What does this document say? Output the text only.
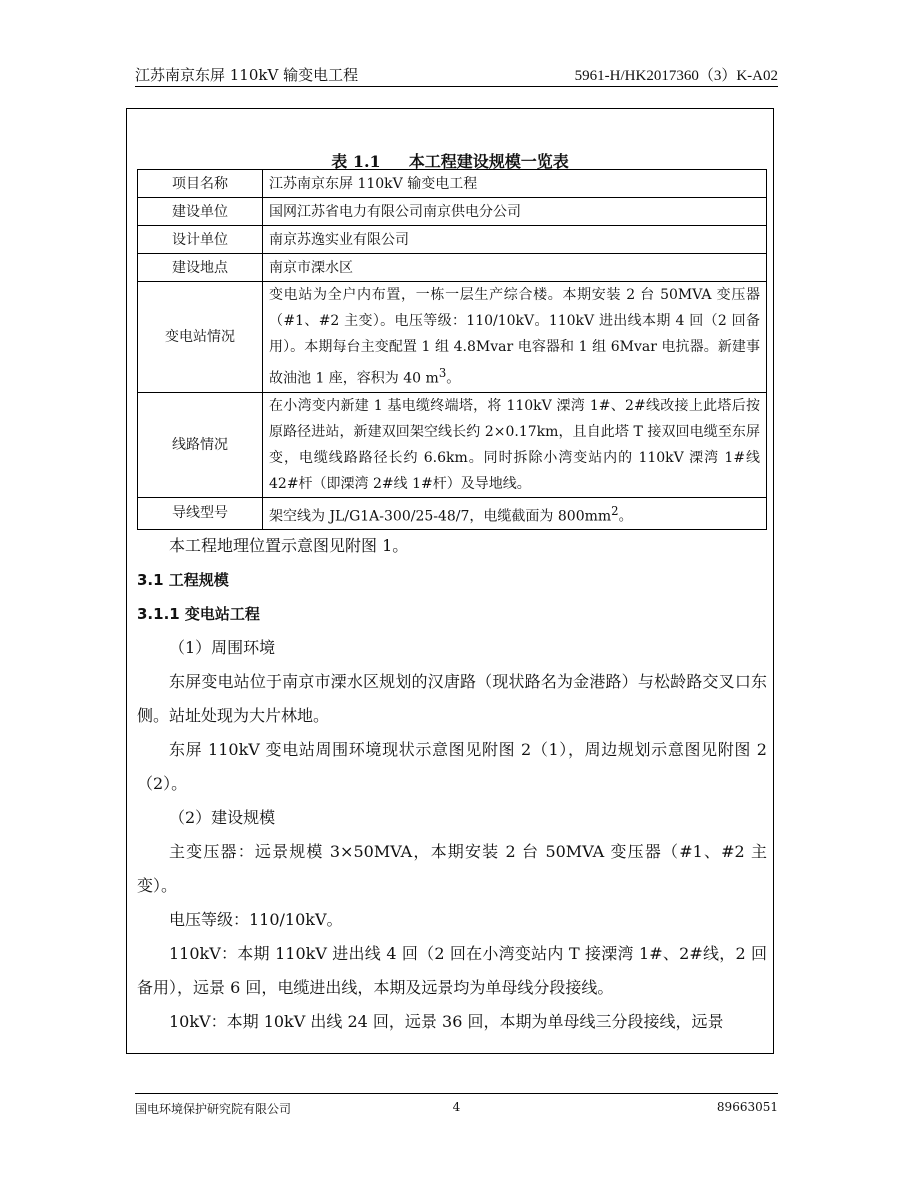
江苏南京东屏 110kV 输变电工程	5961-H/HK2017360（3）K-A02
表 1.1 本工程建设规模一览表
项目名称	江苏南京东屏 110kV 输变电工程
建设单位	国网江苏省电力有限公司南京供电分公司
设计单位	南京苏逸实业有限公司
建设地点	南京市溧水区
变电站情况	变电站为全户内布置，一栋一层生产综合楼。本期安装 2 台 50MVA 变压器（#1、#2 主变）。电压等级：110/10kV。110kV 进出线本期 4 回（2 回备用）。本期每台主变配置 1 组 4.8Mvar 电容器和 1 组 6Mvar 电抗器。新建事故油池 1 座，容积为 40 $m^3$。
线路情况	在小湾变内新建 1 基电缆终端塔，将 110kV 溧湾 1#、2#线改接上此塔后按原路径进站，新建双回架空线长约 2×0.17km，且自此塔 T 接双回电缆至东屏变，电缆线路路径长约 6.6km。同时拆除小湾变站内的 110kV 溧湾 1#线 42#杆（即溧湾 2#线 1#杆）及导地线。
导线型号	架空线为 JL/G1A-300/25-48/7，电缆截面为 $800mm^2$。
本工程地理位置示意图见附图 1。
3.1 工程规模
3.1.1 变电站工程
（1）周围环境
东屏变电站位于南京市溧水区规划的汉唐路（现状路名为金港路）与松龄路交叉口东侧。站址处现为大片林地。
东屏 110kV 变电站周围环境现状示意图见附图 2（1），周边规划示意图见附图 2（2）。
（2）建设规模
主变压器：远景规模 3×50MVA，本期安装 2 台 50MVA 变压器（#1、#2 主变）。
电压等级：110/10kV。
110kV：本期 110kV 进出线 4 回（2 回在小湾变站内 T 接溧湾 1#、2#线，2 回备用），远景 6 回，电缆进出线，本期及远景均为单母线分段接线。
10kV：本期 10kV 出线 24 回，远景 36 回，本期为单母线三分段接线，远景
国电环境保护研究院有限公司	4	89663051
